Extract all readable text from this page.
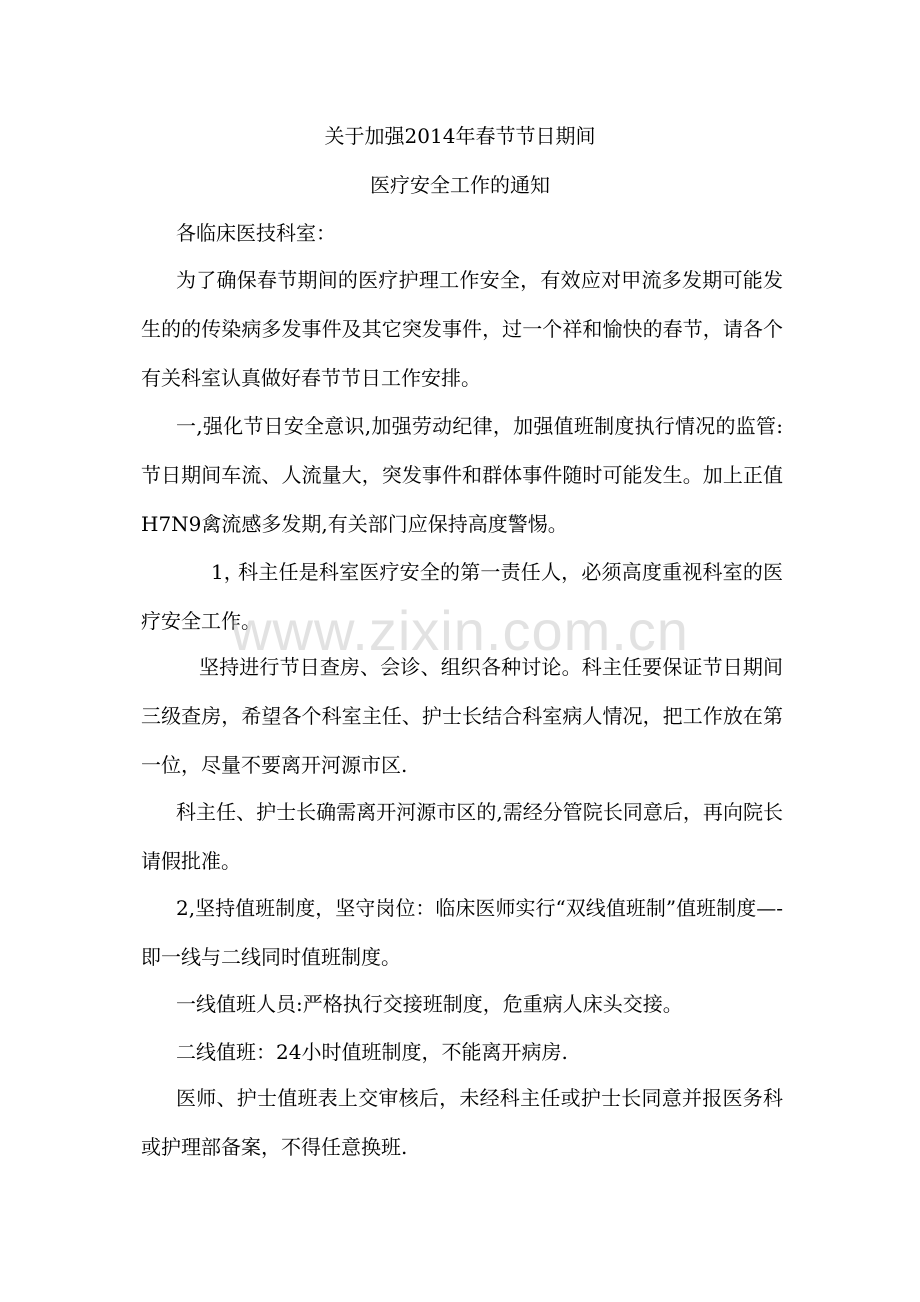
关于加强2014年春节节日期间
医疗安全工作的通知

各临床医技科室：

为了确保春节期间的医疗护理工作安全，有效应对甲流多发期可能发生的的传染病多发事件及其它突发事件，过一个祥和愉快的春节，请各个有关科室认真做好春节节日工作安排。

一,强化节日安全意识,加强劳动纪律，加强值班制度执行情况的监管:节日期间车流、人流量大，突发事件和群体事件随时可能发生。加上正值H7N9禽流感多发期,有关部门应保持高度警惕。

1，科主任是科室医疗安全的第一责任人，必须高度重视科室的医疗安全工作。

坚持进行节日查房、会诊、组织各种讨论。科主任要保证节日期间三级查房，希望各个科室主任、护士长结合科室病人情况，把工作放在第一位，尽量不要离开河源市区.

科主任、护士长确需离开河源市区的,需经分管院长同意后，再向院长请假批准。

2,坚持值班制度，坚守岗位：临床医师实行“双线值班制”值班制度—-即一线与二线同时值班制度。

一线值班人员:严格执行交接班制度，危重病人床头交接。

二线值班：24小时值班制度，不能离开病房.

医师、护士值班表上交审核后，未经科主任或护士长同意并报医务科或护理部备案，不得任意换班.

www.zixin.com.cn
